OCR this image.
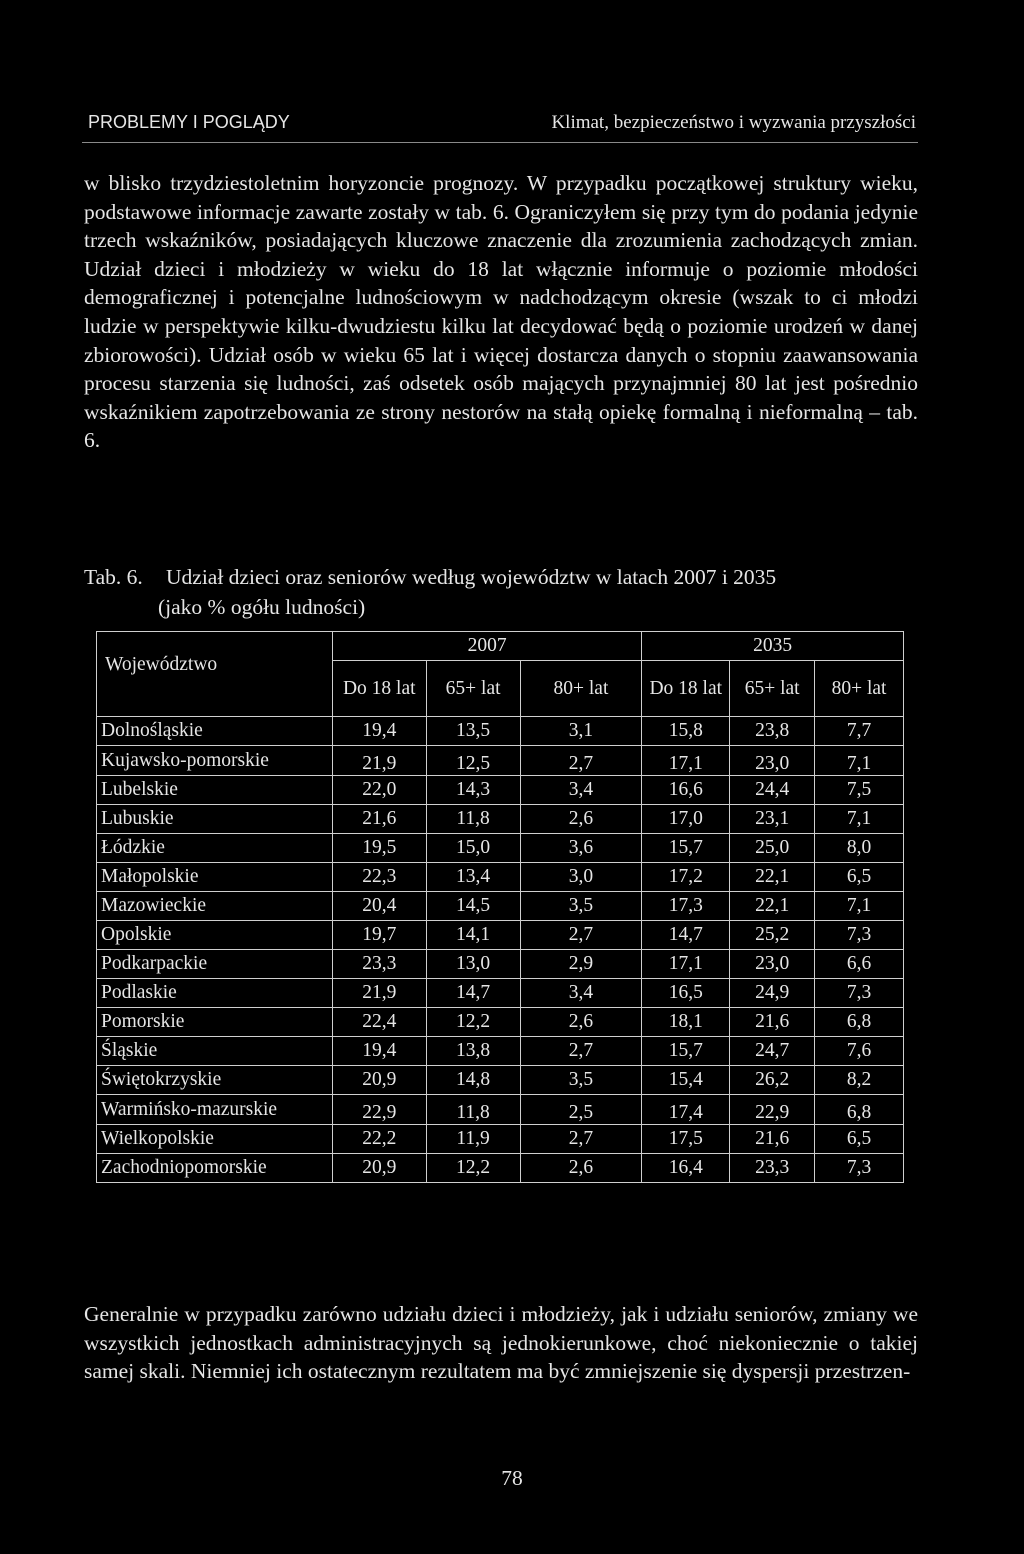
PROBLEMY I POGLĄDY	Klimat, bezpieczeństwo i wyzwania przyszłości

w blisko trzydziestoletnim horyzoncie prognozy. W przypadku początkowej struktury wieku, podstawowe informacje zawarte zostały w tab. 6. Ograniczyłem się przy tym do podania jedynie trzech wskaźników, posiadających kluczowe znaczenie dla zrozumienia zachodzących zmian. Udział dzieci i młodzieży w wieku do 18 lat włącznie informuje o poziomie młodości demograficznej i potencjalne ludnościowym w nadchodzącym okresie (wszak to ci młodzi ludzie w perspektywie kilku-dwudziestu kilku lat decydować będą o poziomie urodzeń w danej zbiorowości). Udział osób w wieku 65 lat i więcej dostarcza danych o stopniu zaawansowania procesu starzenia się ludności, zaś odsetek osób mających przynajmniej 80 lat jest pośrednio wskaźnikiem zapotrzebowania ze strony nestorów na stałą opiekę formalną i nieformalną – tab. 6.

Tab. 6. Udział dzieci oraz seniorów według województw w latach 2007 i 2035
(jako % ogółu ludności)
Województwo	2007			2035		
	Do 18 lat	65+ lat	80+ lat	Do 18 lat	65+ lat	80+ lat
Dolnośląskie	19,4	13,5	3,1	15,8	23,8	7,7
Kujawsko-pomorskie	21,9	12,5	2,7	17,1	23,0	7,1
Lubelskie	22,0	14,3	3,4	16,6	24,4	7,5
Lubuskie	21,6	11,8	2,6	17,0	23,1	7,1
Łódzkie	19,5	15,0	3,6	15,7	25,0	8,0
Małopolskie	22,3	13,4	3,0	17,2	22,1	6,5
Mazowieckie	20,4	14,5	3,5	17,3	22,1	7,1
Opolskie	19,7	14,1	2,7	14,7	25,2	7,3
Podkarpackie	23,3	13,0	2,9	17,1	23,0	6,6
Podlaskie	21,9	14,7	3,4	16,5	24,9	7,3
Pomorskie	22,4	12,2	2,6	18,1	21,6	6,8
Śląskie	19,4	13,8	2,7	15,7	24,7	7,6
Świętokrzyskie	20,9	14,8	3,5	15,4	26,2	8,2
Warmińsko-mazurskie	22,9	11,8	2,5	17,4	22,9	6,8
Wielkopolskie	22,2	11,9	2,7	17,5	21,6	6,5
Zachodniopomorskie	20,9	12,2	2,6	16,4	23,3	7,3

Generalnie w przypadku zarówno udziału dzieci i młodzieży, jak i udziału seniorów, zmiany we wszystkich jednostkach administracyjnych są jednokierunkowe, choć niekoniecznie o takiej samej skali. Niemniej ich ostatecznym rezultatem ma być zmniejszenie się dyspersji przestrzen-

78
